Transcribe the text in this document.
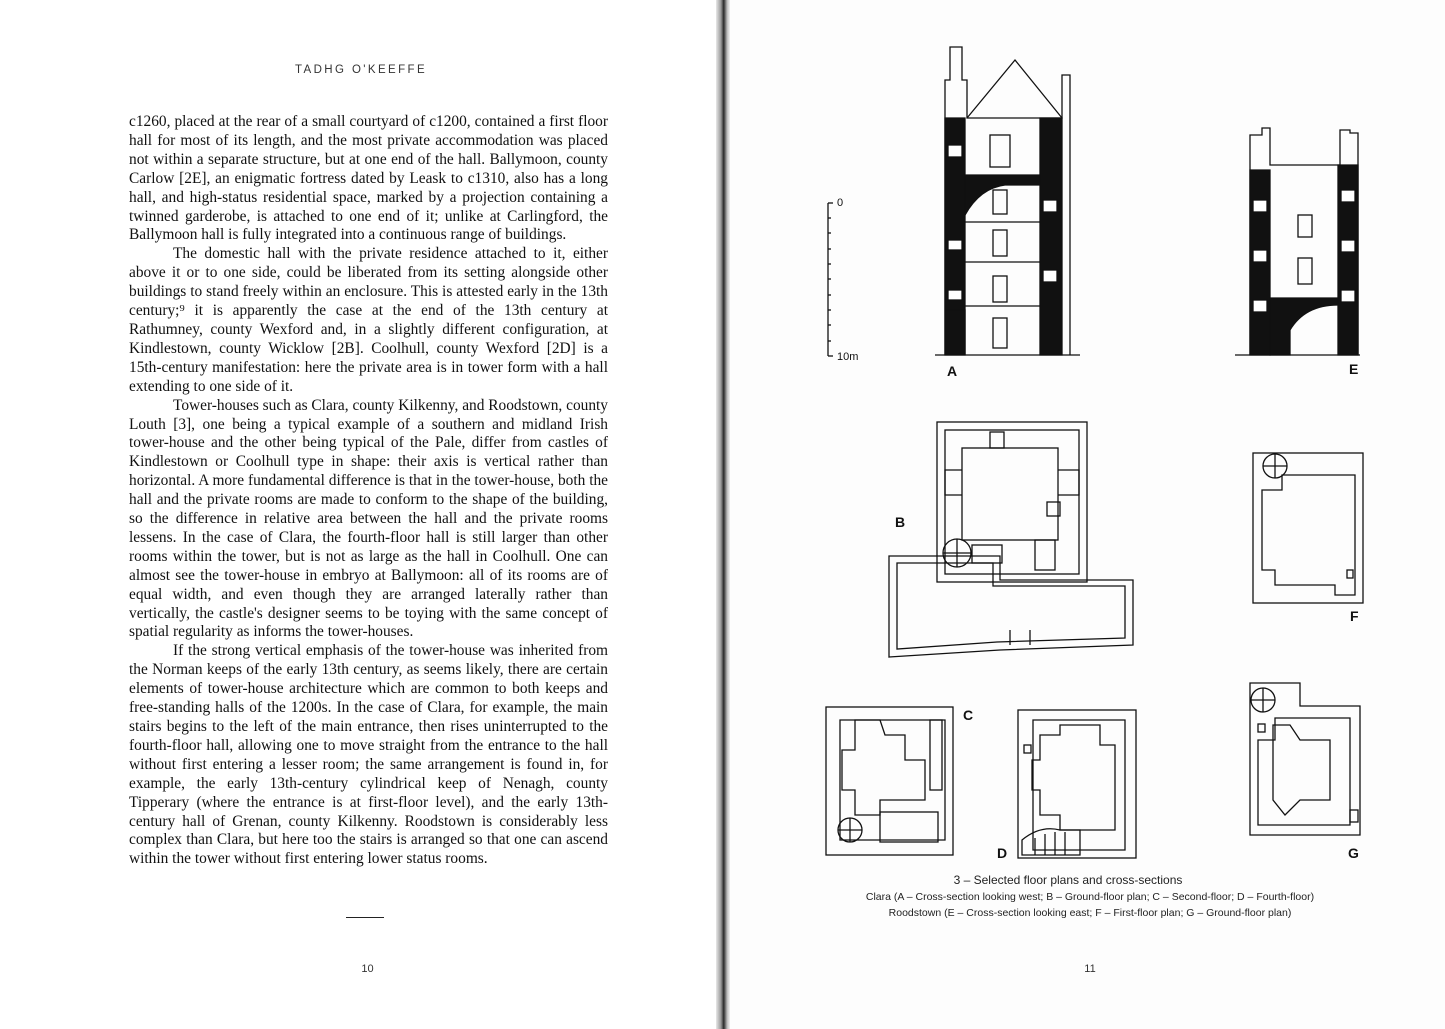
TADHG O'KEEFFE

c1260, placed at the rear of a small courtyard of c1200, contained a first floor hall for most of its length, and the most private accommodation was placed not within a separate structure, but at one end of the hall. Ballymoon, county Carlow [2E], an enigmatic fortress dated by Leask to c1310, also has a long hall, and high-status residential space, marked by a projection containing a twinned garderobe, is attached to one end of it; unlike at Carlingford, the Ballymoon hall is fully integrated into a continuous range of buildings.

The domestic hall with the private residence attached to it, either above it or to one side, could be liberated from its setting alongside other buildings to stand freely within an enclosure. This is attested early in the 13th century;⁹ it is apparently the case at the end of the 13th century at Rathumney, county Wexford and, in a slightly different configuration, at Kindlestown, county Wicklow [2B]. Coolhull, county Wexford [2D] is a 15th-century manifestation: here the private area is in tower form with a hall extending to one side of it.

Tower-houses such as Clara, county Kilkenny, and Roodstown, county Louth [3], one being a typical example of a southern and midland Irish tower-house and the other being typical of the Pale, differ from castles of Kindlestown or Coolhull type in shape: their axis is vertical rather than horizontal. A more fundamental difference is that in the tower-house, both the hall and the private rooms are made to conform to the shape of the building, so the difference in relative area between the hall and the private rooms lessens. In the case of Clara, the fourth-floor hall is still larger than other rooms within the tower, but is not as large as the hall in Coolhull. One can almost see the tower-house in embryo at Ballymoon: all of its rooms are of equal width, and even though they are arranged laterally rather than vertically, the castle's designer seems to be toying with the same concept of spatial regularity as informs the tower-houses.

If the strong vertical emphasis of the tower-house was inherited from the Norman keeps of the early 13th century, as seems likely, there are certain elements of tower-house architecture which are common to both keeps and free-standing halls of the 1200s. In the case of Clara, for example, the main stairs begins to the left of the main entrance, then rises uninterrupted to the fourth-floor hall, allowing one to move straight from the entrance to the hall without first entering a lesser room; the same arrangement is found in, for example, the early 13th-century cylindrical keep of Nenagh, county Tipperary (where the entrance is at first-floor level), and the early 13th-century hall of Grenan, county Kilkenny. Roodstown is considerably less complex than Clara, but here too the stairs is arranged so that one can ascend within the tower without first entering lower status rooms.

10	11
0
10m
A	E
B
F
C
D	G
3 – Selected floor plans and cross-sections
Clara (A – Cross-section looking west; B – Ground-floor plan; C – Second-floor; D – Fourth-floor)
Roodstown (E – Cross-section looking east; F – First-floor plan; G – Ground-floor plan)
